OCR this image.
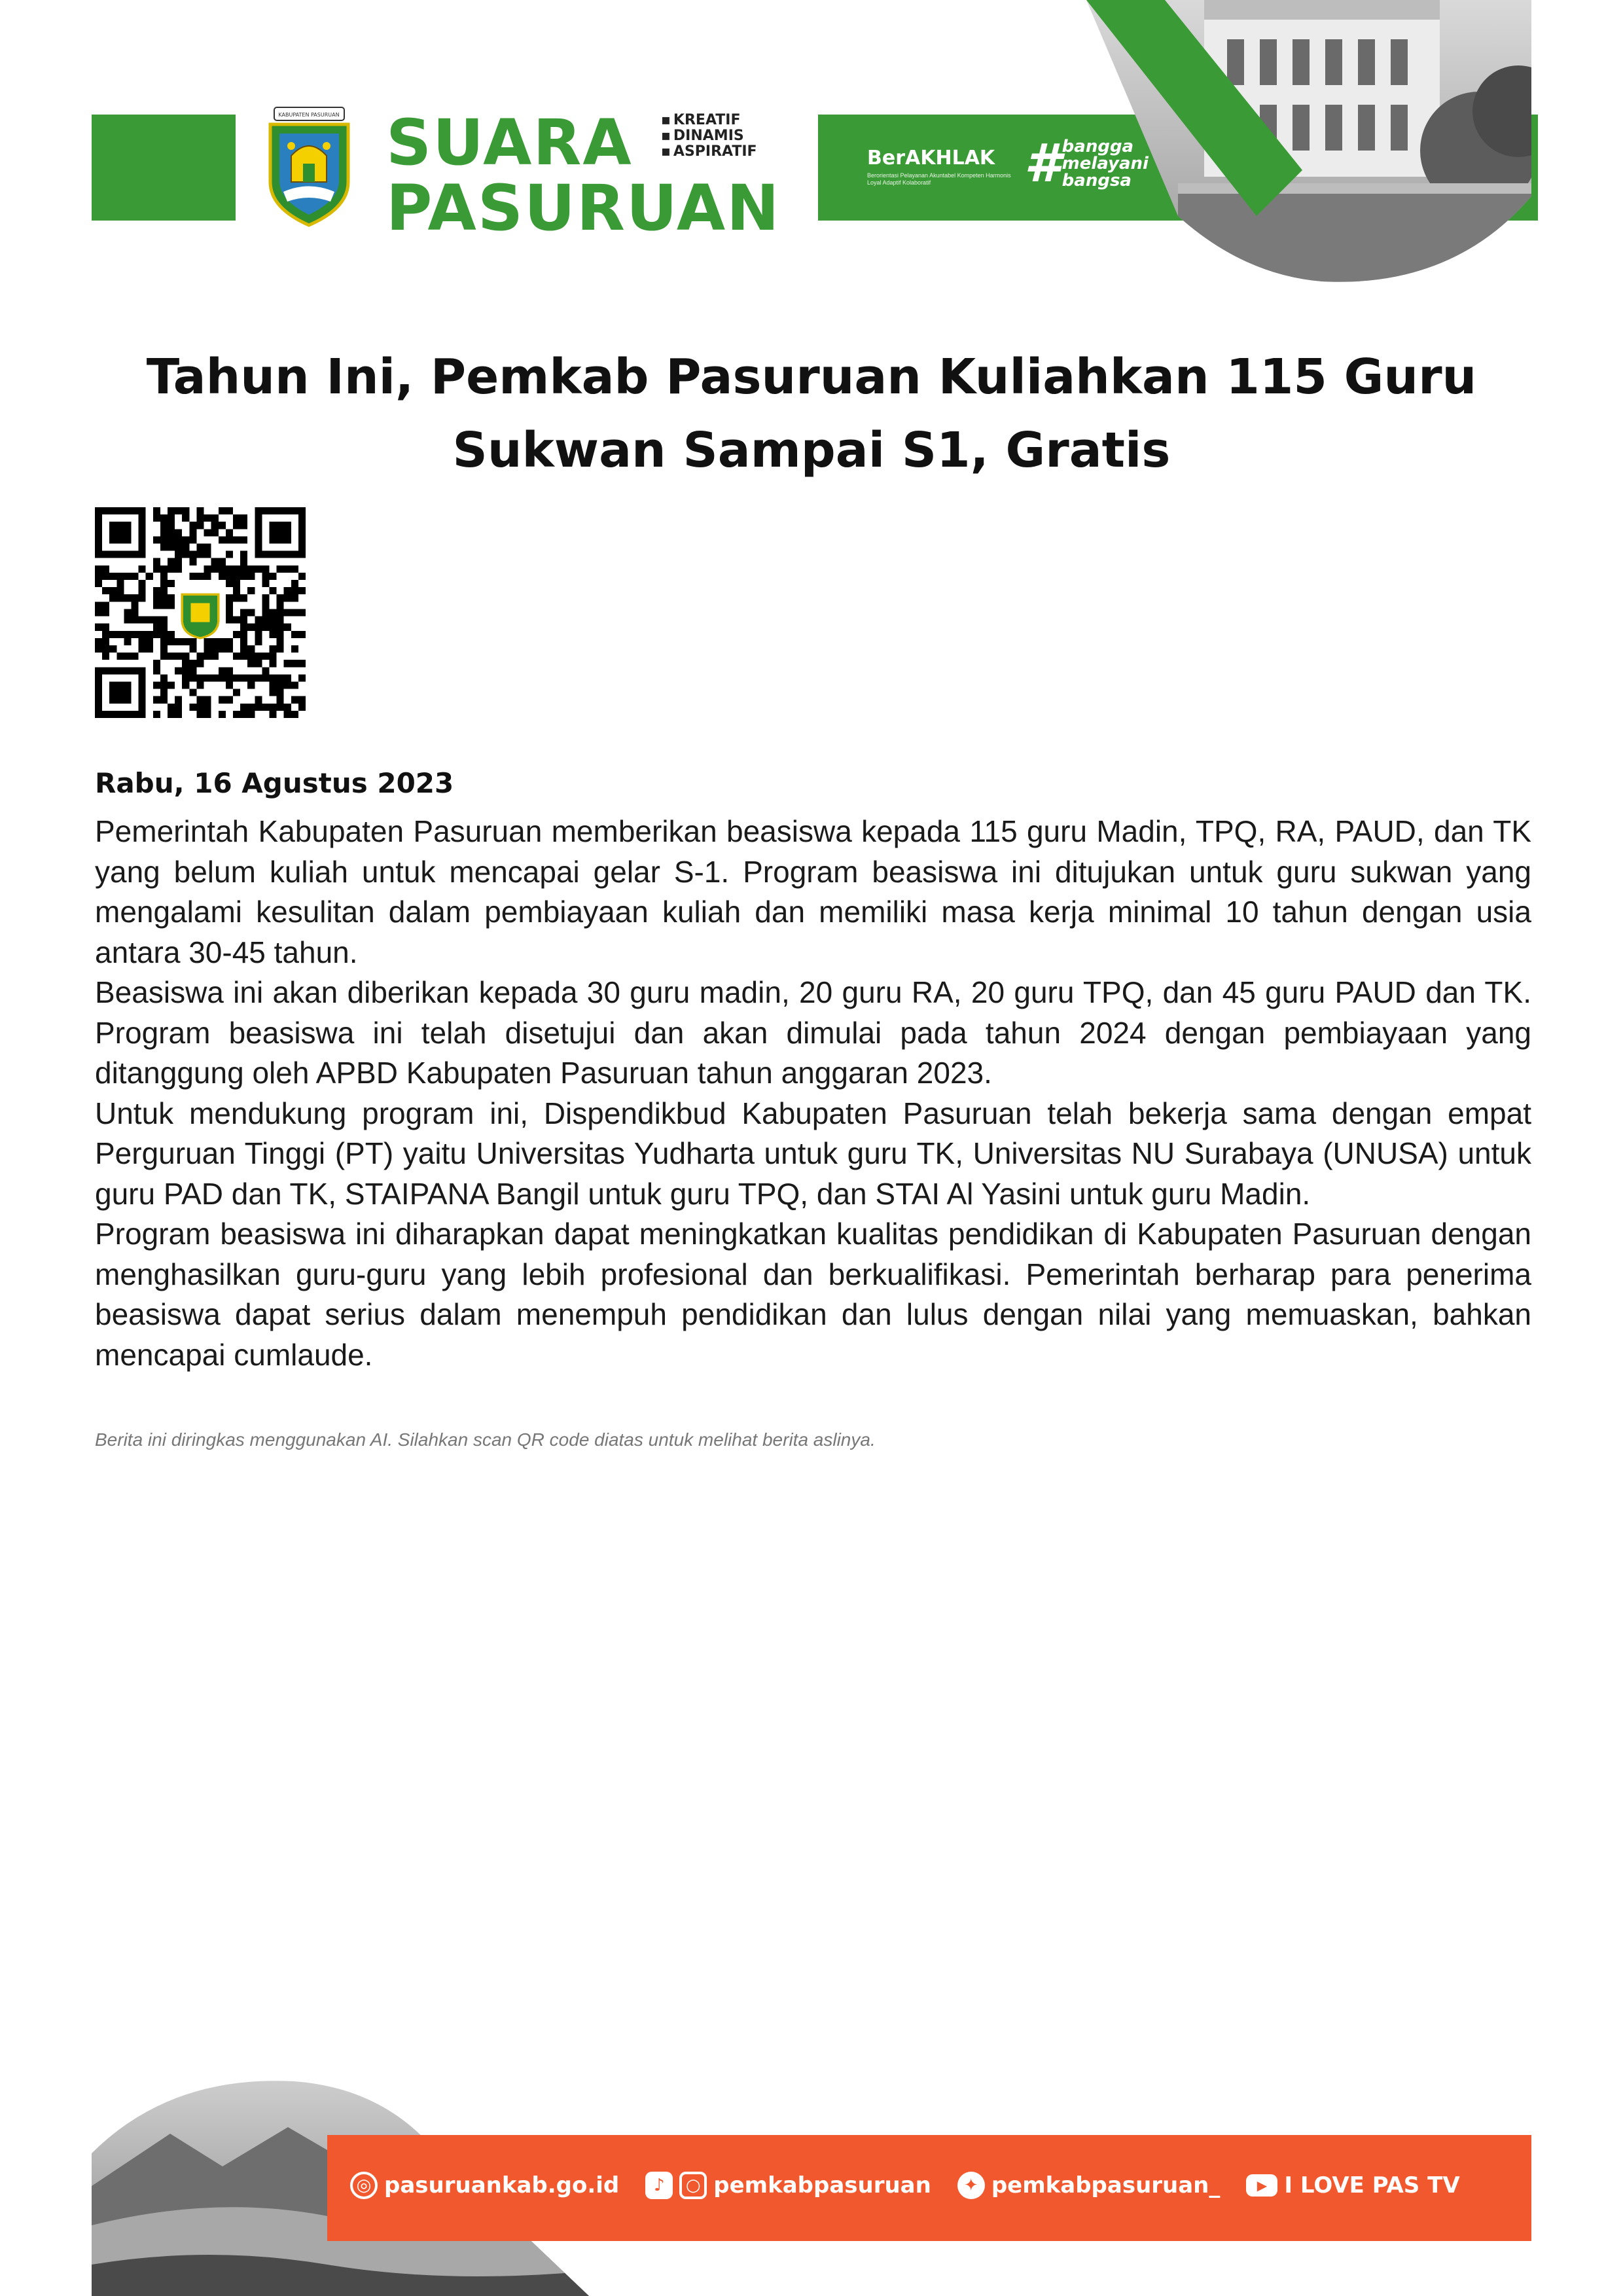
KABUPATEN PASURUAN SUARA
PASURUAN
▪ KREATIF
▪ DINAMIS
▪ ASPIRATIF	BerAKHLAK
Berorientasi Pelayanan Akuntabel Kompeten Harmonis Loyal Adaptif Kolaboratif	# bangga
melayani
bangsa
Tahun Ini, Pemkab Pasuruan Kuliahkan 115 Guru
Sukwan Sampai S1, Gratis
Rabu, 16 Agustus 2023

Pemerintah Kabupaten Pasuruan memberikan beasiswa kepada 115 guru Madin, TPQ, RA, PAUD, dan TK yang belum kuliah untuk mencapai gelar S-1. Program beasiswa ini ditujukan untuk guru sukwan yang mengalami kesulitan dalam pembiayaan kuliah dan memiliki masa kerja minimal 10 tahun dengan usia antara 30-45 tahun.

Beasiswa ini akan diberikan kepada 30 guru madin, 20 guru RA, 20 guru TPQ, dan 45 guru PAUD dan TK. Program beasiswa ini telah disetujui dan akan dimulai pada tahun 2024 dengan pembiayaan yang ditanggung oleh APBD Kabupaten Pasuruan tahun anggaran 2023.

Untuk mendukung program ini, Dispendikbud Kabupaten Pasuruan telah bekerja sama dengan empat Perguruan Tinggi (PT) yaitu Universitas Yudharta untuk guru TK, Universitas NU Surabaya (UNUSA) untuk guru PAD dan TK, STAIPANA Bangil untuk guru TPQ, dan STAI Al Yasini untuk guru Madin.

Program beasiswa ini diharapkan dapat meningkatkan kualitas pendidikan di Kabupaten Pasuruan dengan menghasilkan guru-guru yang lebih profesional dan berkualifikasi. Pemerintah berharap para penerima beasiswa dapat serius dalam menempuh pendidikan dan lulus dengan nilai yang memuaskan, bahkan mencapai cumlaude.

Berita ini diringkas menggunakan AI. Silahkan scan QR code diatas untuk melihat berita aslinya.
◎ pasuruankab.go.id	♪	○ pemkabpasuruan	✦ pemkabpasuruan_	▶ I LOVE PAS TV
